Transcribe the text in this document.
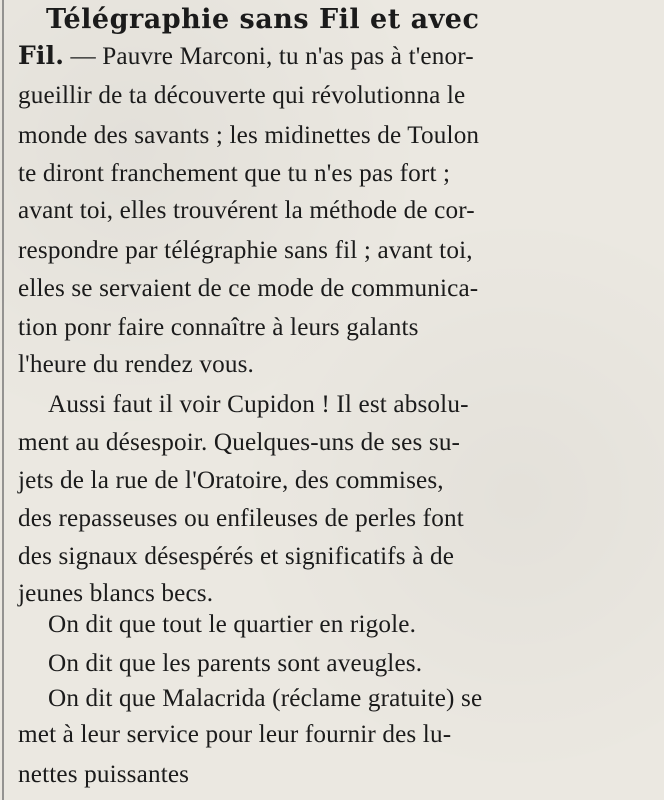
Télégraphie sans Fil et avec
Fil. — Pauvre Marconi, tu n'as pas à t'enor-
gueillir de ta découverte qui révolutionna le
monde des savants ; les midinettes de Toulon
te diront franchement que tu n'es pas fort ;
avant toi, elles trouvérent la méthode de cor-
respondre par télégraphie sans fil ; avant toi,
elles se servaient de ce mode de communica-
tion ponr faire connaître à leurs galants
l'heure du rendez vous.
Aussi faut il voir Cupidon ! Il est absolu-
ment au désespoir. Quelques-uns de ses su-
jets de la rue de l'Oratoire, des commises,
des repasseuses ou enfileuses de perles font
des signaux désespérés et significatifs à de
jeunes blancs becs.
On dit que tout le quartier en rigole.
On dit que les parents sont aveugles.
On dit que Malacrida (réclame gratuite) se
met à leur service pour leur fournir des lu-
nettes puissantes
